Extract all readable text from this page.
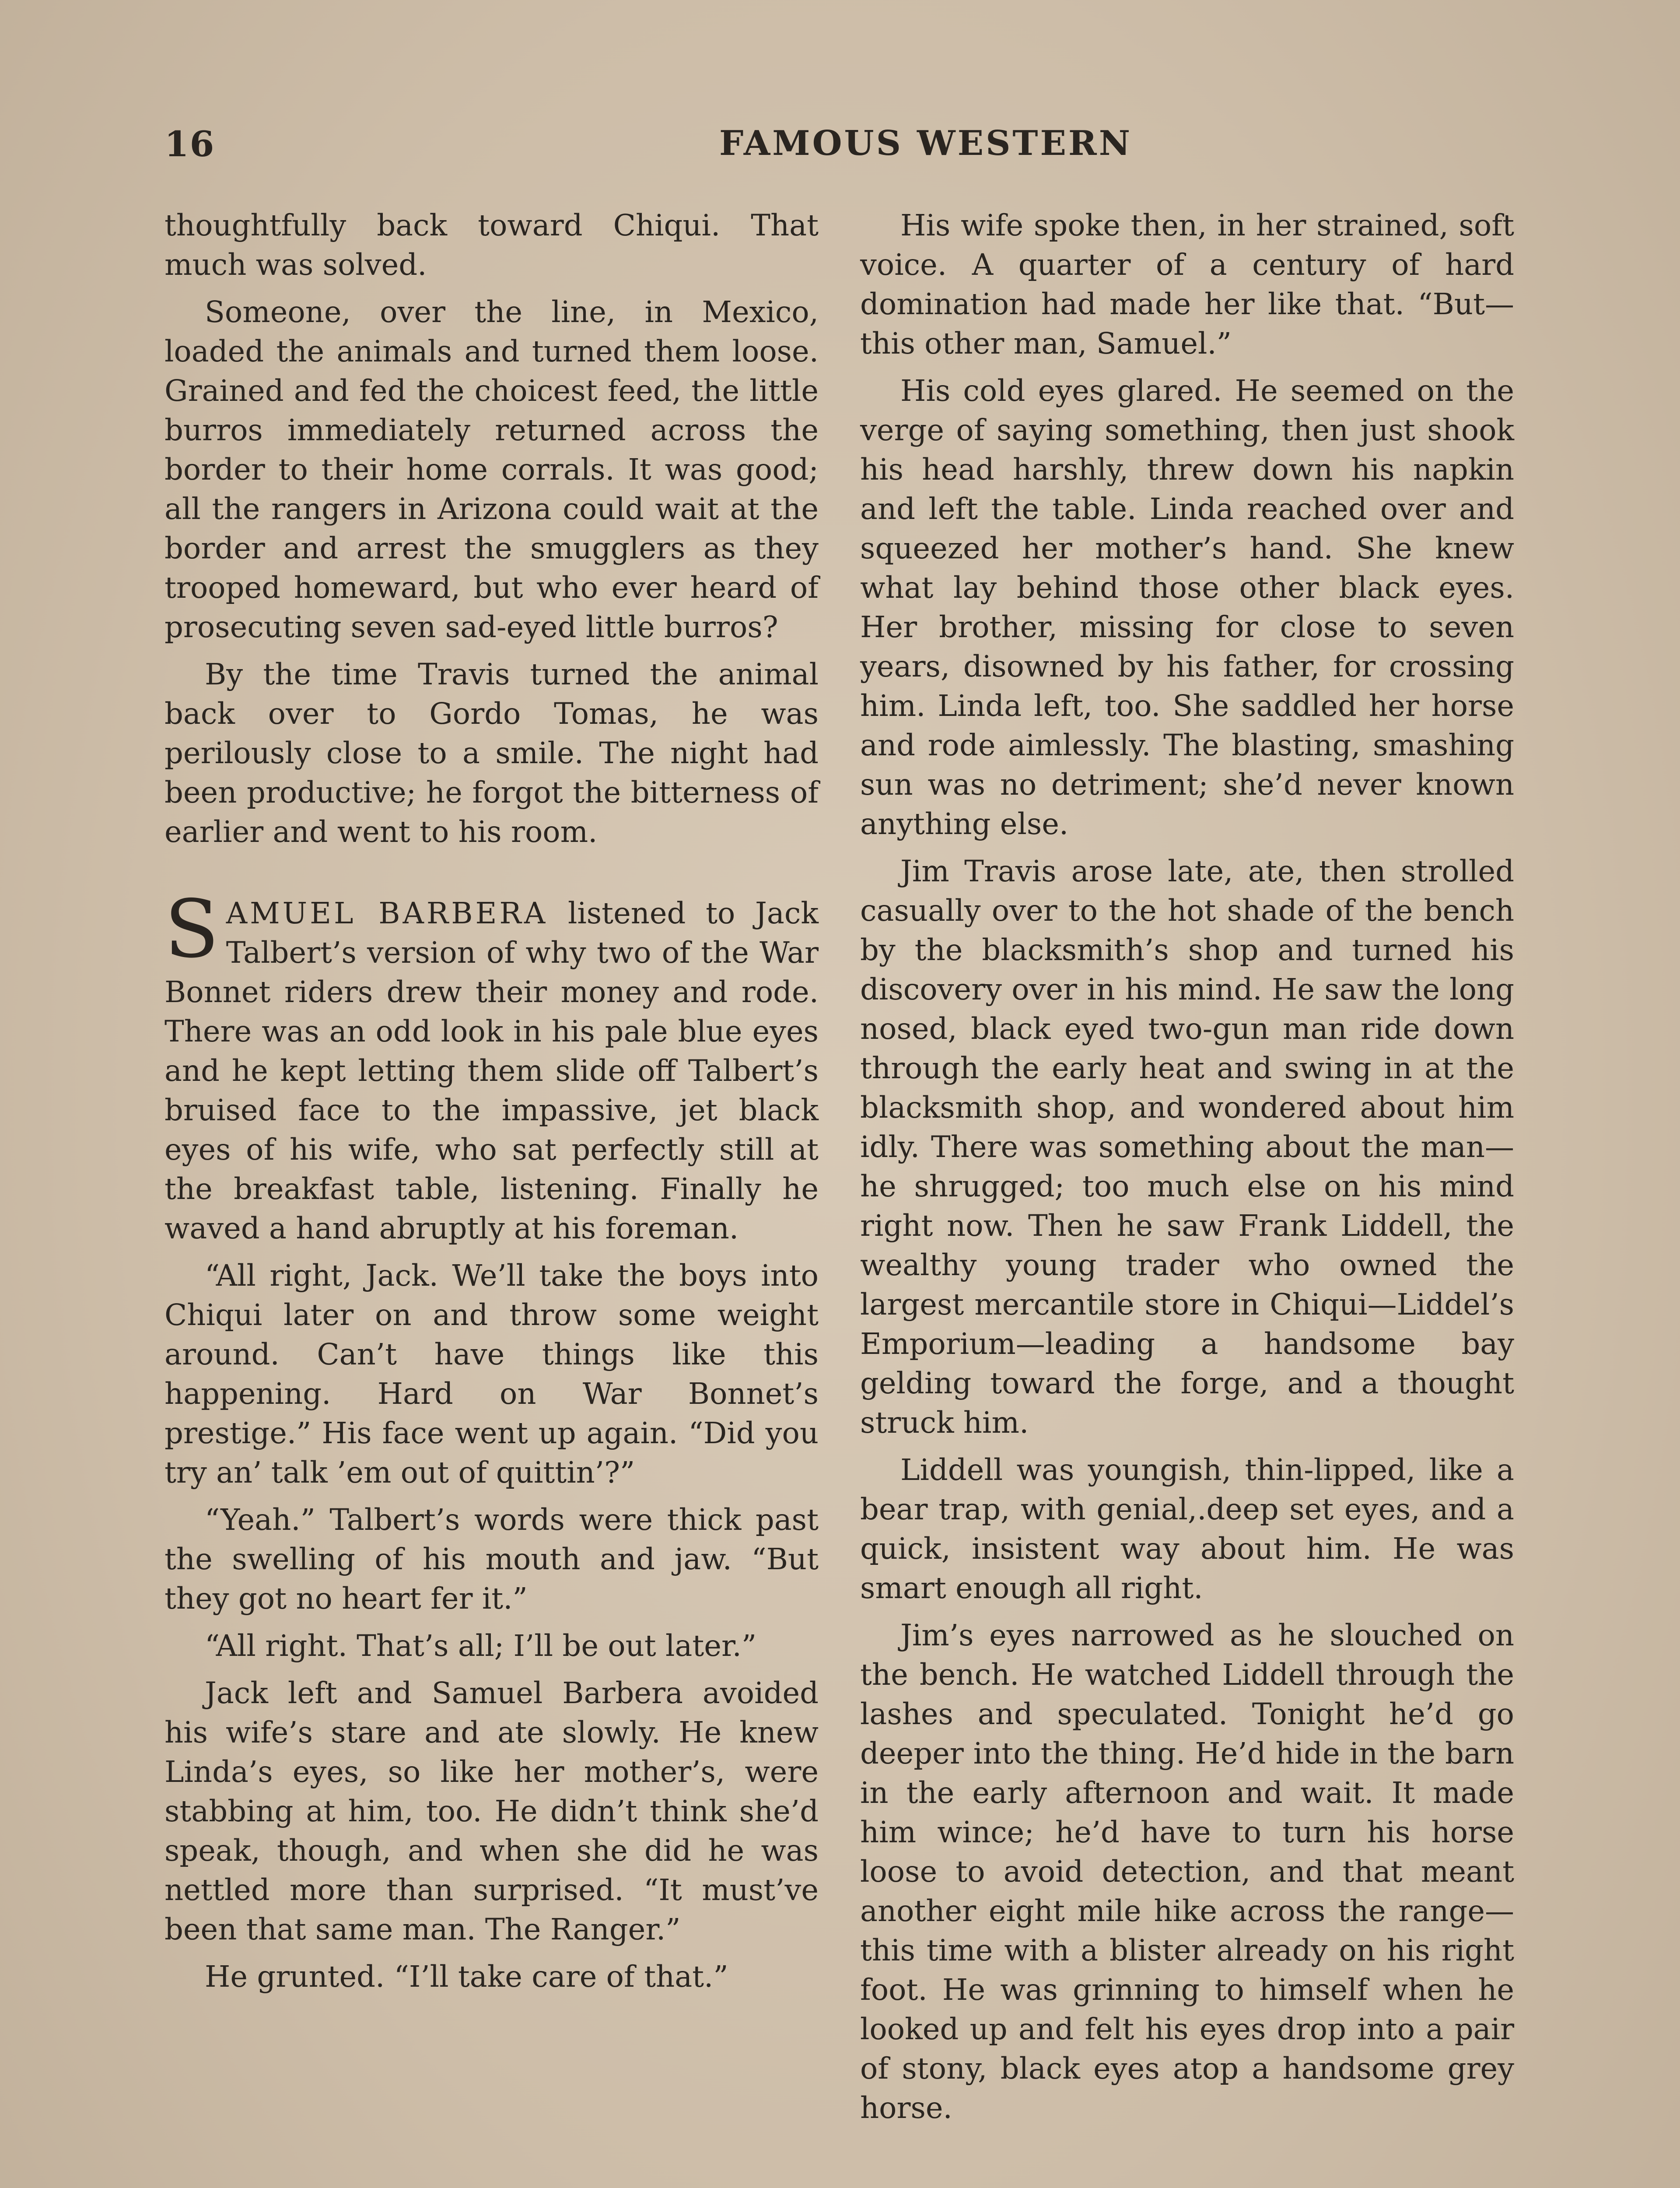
16	FAMOUS WESTERN

thoughtfully back toward Chiqui. That much was solved.

Someone, over the line, in Mexico, loaded the animals and turned them loose. Grained and fed the choicest feed, the little burros immediately returned across the border to their home corrals. It was good; all the rangers in Arizona could wait at the border and arrest the smugglers as they trooped homeward, but who ever heard of prosecuting seven sad-eyed little burros?

By the time Travis turned the animal back over to Gordo Tomas, he was perilously close to a smile. The night had been productive; he forgot the bitterness of earlier and went to his room.

SAMUEL BARBERA listened to Jack Talbert’s version of why two of the War Bonnet riders drew their money and rode. There was an odd look in his pale blue eyes and he kept letting them slide off Talbert’s bruised face to the impassive, jet black eyes of his wife, who sat perfectly still at the breakfast table, listening. Finally he waved a hand abruptly at his foreman.

“All right, Jack. We’ll take the boys into Chiqui later on and throw some weight around. Can’t have things like this happening. Hard on War Bonnet’s prestige.” His face went up again. “Did you try an’ talk ’em out of quittin’?”

“Yeah.” Talbert’s words were thick past the swelling of his mouth and jaw. “But they got no heart fer it.”

“All right. That’s all; I’ll be out later.”

Jack left and Samuel Barbera avoided his wife’s stare and ate slowly. He knew Linda’s eyes, so like her mother’s, were stabbing at him, too. He didn’t think she’d speak, though, and when she did he was nettled more than surprised. “It must’ve been that same man. The Ranger.”

He grunted. “I’ll take care of that.”

His wife spoke then, in her strained, soft voice. A quarter of a century of hard domination had made her like that. “But—this other man, Samuel.”

His cold eyes glared. He seemed on the verge of saying something, then just shook his head harshly, threw down his napkin and left the table. Linda reached over and squeezed her mother’s hand. She knew what lay behind those other black eyes. Her brother, missing for close to seven years, disowned by his father, for crossing him. Linda left, too. She saddled her horse and rode aimlessly. The blasting, smashing sun was no detriment; she’d never known anything else.

Jim Travis arose late, ate, then strolled casually over to the hot shade of the bench by the blacksmith’s shop and turned his discovery over in his mind. He saw the long nosed, black eyed two-gun man ride down through the early heat and swing in at the blacksmith shop, and wondered about him idly. There was something about the man—he shrugged; too much else on his mind right now. Then he saw Frank Liddell, the wealthy young trader who owned the largest mercantile store in Chiqui—Liddel’s Emporium—leading a handsome bay gelding toward the forge, and a thought struck him.

Liddell was youngish, thin-lipped, like a bear trap, with genial,.deep set eyes, and a quick, insistent way about him. He was smart enough all right.

Jim’s eyes narrowed as he slouched on the bench. He watched Liddell through the lashes and speculated. Tonight he’d go deeper into the thing. He’d hide in the barn in the early afternoon and wait. It made him wince; he’d have to turn his horse loose to avoid detection, and that meant another eight mile hike across the range—this time with a blister already on his right foot. He was grinning to himself when he looked up and felt his eyes drop into a pair of stony, black eyes atop a handsome grey horse.
